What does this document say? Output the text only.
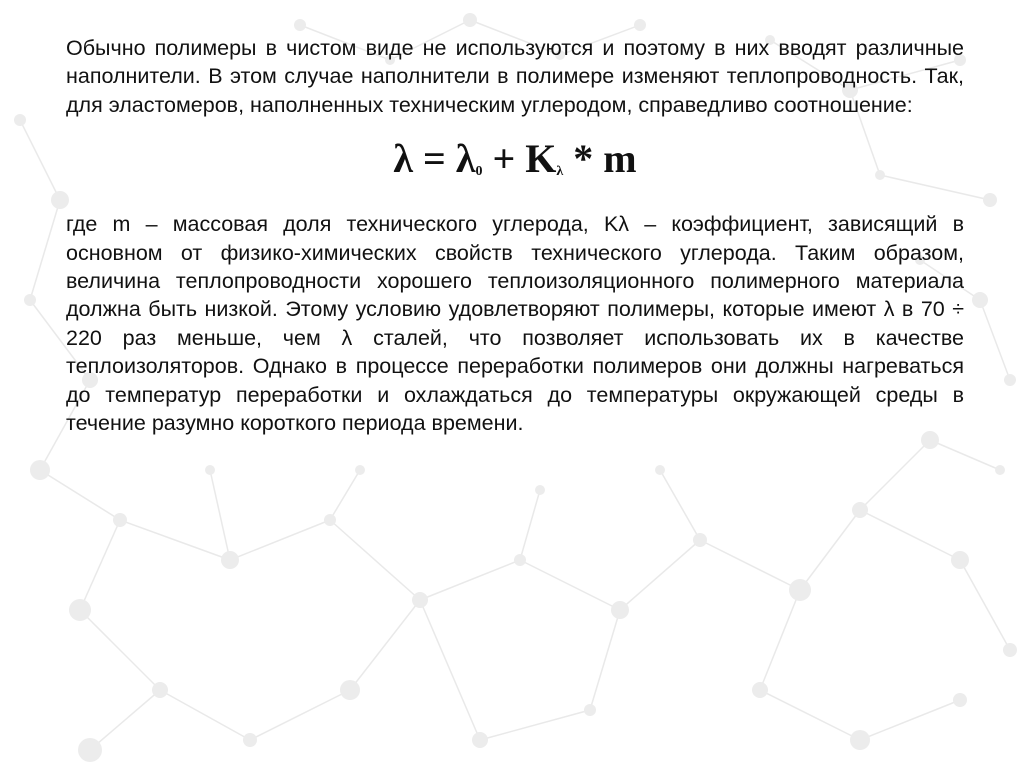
Обычно полимеры в чистом виде не используются и поэтому в них вводят различные наполнители. В этом случае наполнители в полимере изменяют теплопроводность. Так, для эластомеров, наполненных техническим углеродом, справедливо соотношение:

$\lambda = \lambda_0 + K_\lambda * m$

где m – массовая доля технического углерода, Kλ – коэффициент, зависящий в основном от физико-химических свойств технического углерода. Таким образом, величина теплопроводности хорошего теплоизоляционного полимерного материала должна быть низкой. Этому условию удовлетворяют полимеры, которые имеют λ в 70 ÷ 220 раз меньше, чем λ сталей, что позволяет использовать их в качестве теплоизоляторов. Однако в процессе переработки полимеров они должны нагреваться до температур переработки и охлаждаться до температуры окружающей среды в течение разумно короткого периода времени.
